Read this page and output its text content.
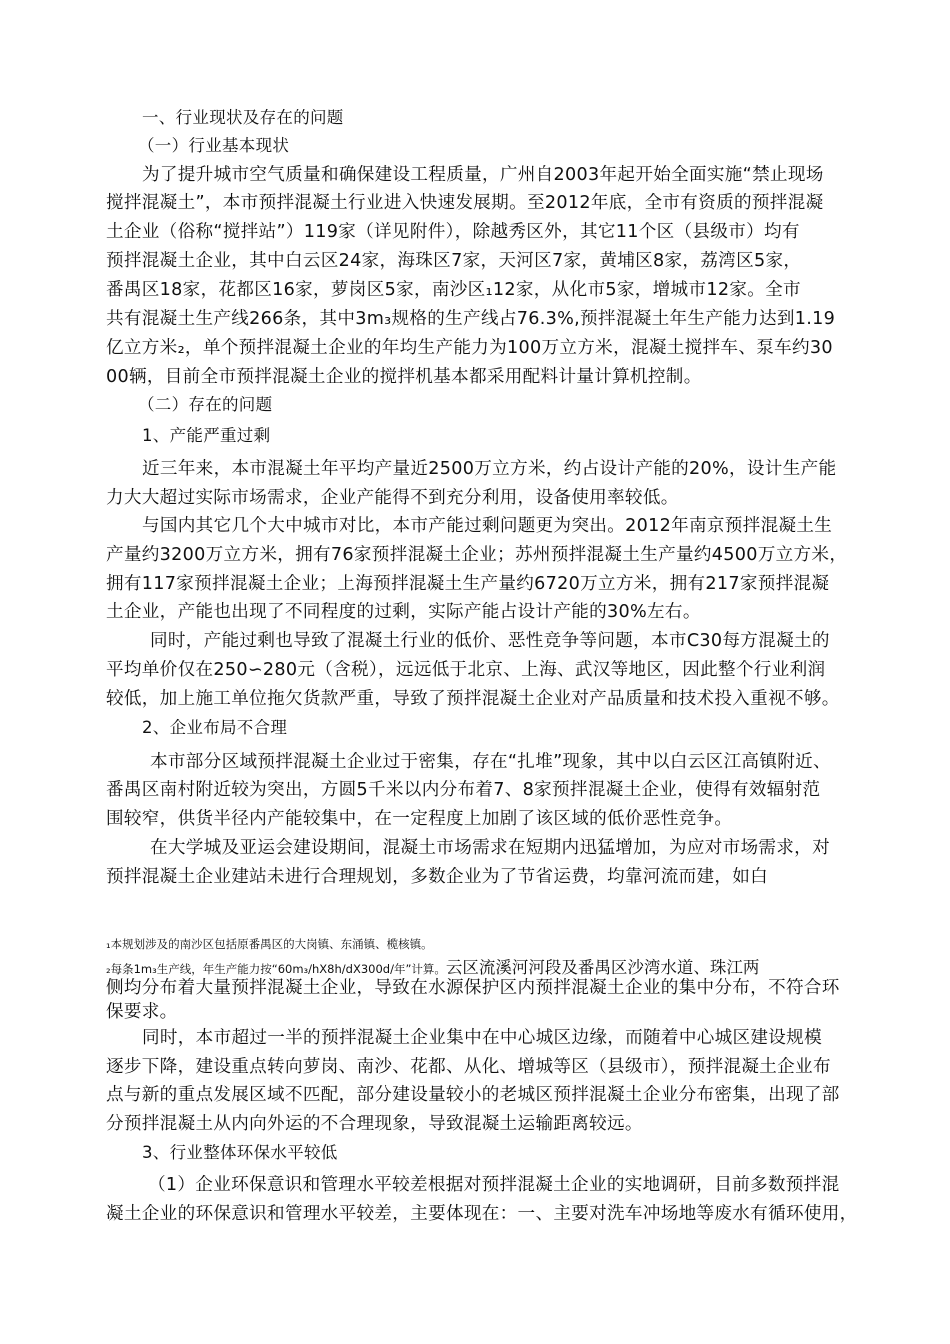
一、行业现状及存在的问题
（一）行业基本现状
为了提升城市空气质量和确保建设工程质量，广州自2003年起开始全面实施“禁止现场
搅拌混凝土”，本市预拌混凝土行业进入快速发展期。至2012年底，全市有资质的预拌混凝
土企业（俗称“搅拌站”）119家（详见附件），除越秀区外，其它11个区（县级市）均有
预拌混凝土企业，其中白云区24家，海珠区7家，天河区7家，黄埔区8家，荔湾区5家，
番禺区18家，花都区16家，萝岗区5家，南沙区₁12家，从化市5家，增城市12家。全市
共有混凝土生产线266条，其中3m₃规格的生产线占76.3%,预拌混凝土年生产能力达到1.19
亿立方米₂，单个预拌混凝土企业的年均生产能力为100万立方米，混凝土搅拌车、泵车约30
00辆，目前全市预拌混凝土企业的搅拌机基本都采用配料计量计算机控制。
（二）存在的问题
1、产能严重过剩
近三年来，本市混凝土年平均产量近2500万立方米，约占设计产能的20%，设计生产能
力大大超过实际市场需求，企业产能得不到充分利用，设备使用率较低。
与国内其它几个大中城市对比，本市产能过剩问题更为突出。2012年南京预拌混凝土生
产量约3200万立方米，拥有76家预拌混凝土企业；苏州预拌混凝土生产量约4500万立方米，
拥有117家预拌混凝土企业；上海预拌混凝土生产量约6720万立方米，拥有217家预拌混凝
土企业，产能也出现了不同程度的过剩，实际产能占设计产能的30%左右。
同时，产能过剩也导致了混凝土行业的低价、恶性竞争等问题，本市C30每方混凝土的
平均单价仅在250∽280元（含税），远远低于北京、上海、武汉等地区，因此整个行业利润
较低，加上施工单位拖欠货款严重，导致了预拌混凝土企业对产品质量和技术投入重视不够。
2、企业布局不合理
本市部分区域预拌混凝土企业过于密集，存在“扎堆”现象，其中以白云区江高镇附近、
番禺区南村附近较为突出，方圆5千米以内分布着7、8家预拌混凝土企业，使得有效辐射范
围较窄，供货半径内产能较集中，在一定程度上加剧了该区域的低价恶性竞争。
在大学城及亚运会建设期间，混凝土市场需求在短期内迅猛增加，为应对市场需求，对
预拌混凝土企业建站未进行合理规划，多数企业为了节省运费，均靠河流而建，如白
₁本规划涉及的南沙区包括原番禺区的大岗镇、东涌镇、榄核镇。
₂每条1m₃生产线，年生产能力按“60m₃/hX8h/dX300d/年”计算。云区流溪河河段及番禺区沙湾水道、珠江两
侧均分布着大量预拌混凝土企业，导致在水源保护区内预拌混凝土企业的集中分布，不符合环
保要求。
同时，本市超过一半的预拌混凝土企业集中在中心城区边缘，而随着中心城区建设规模
逐步下降，建设重点转向萝岗、南沙、花都、从化、增城等区（县级市），预拌混凝土企业布
点与新的重点发展区域不匹配，部分建设量较小的老城区预拌混凝土企业分布密集，出现了部
分预拌混凝土从内向外运的不合理现象，导致混凝土运输距离较远。
3、行业整体环保水平较低
（1）企业环保意识和管理水平较差根据对预拌混凝土企业的实地调研，目前多数预拌混
凝土企业的环保意识和管理水平较差，主要体现在：一、主要对洗车冲场地等废水有循环使用，
